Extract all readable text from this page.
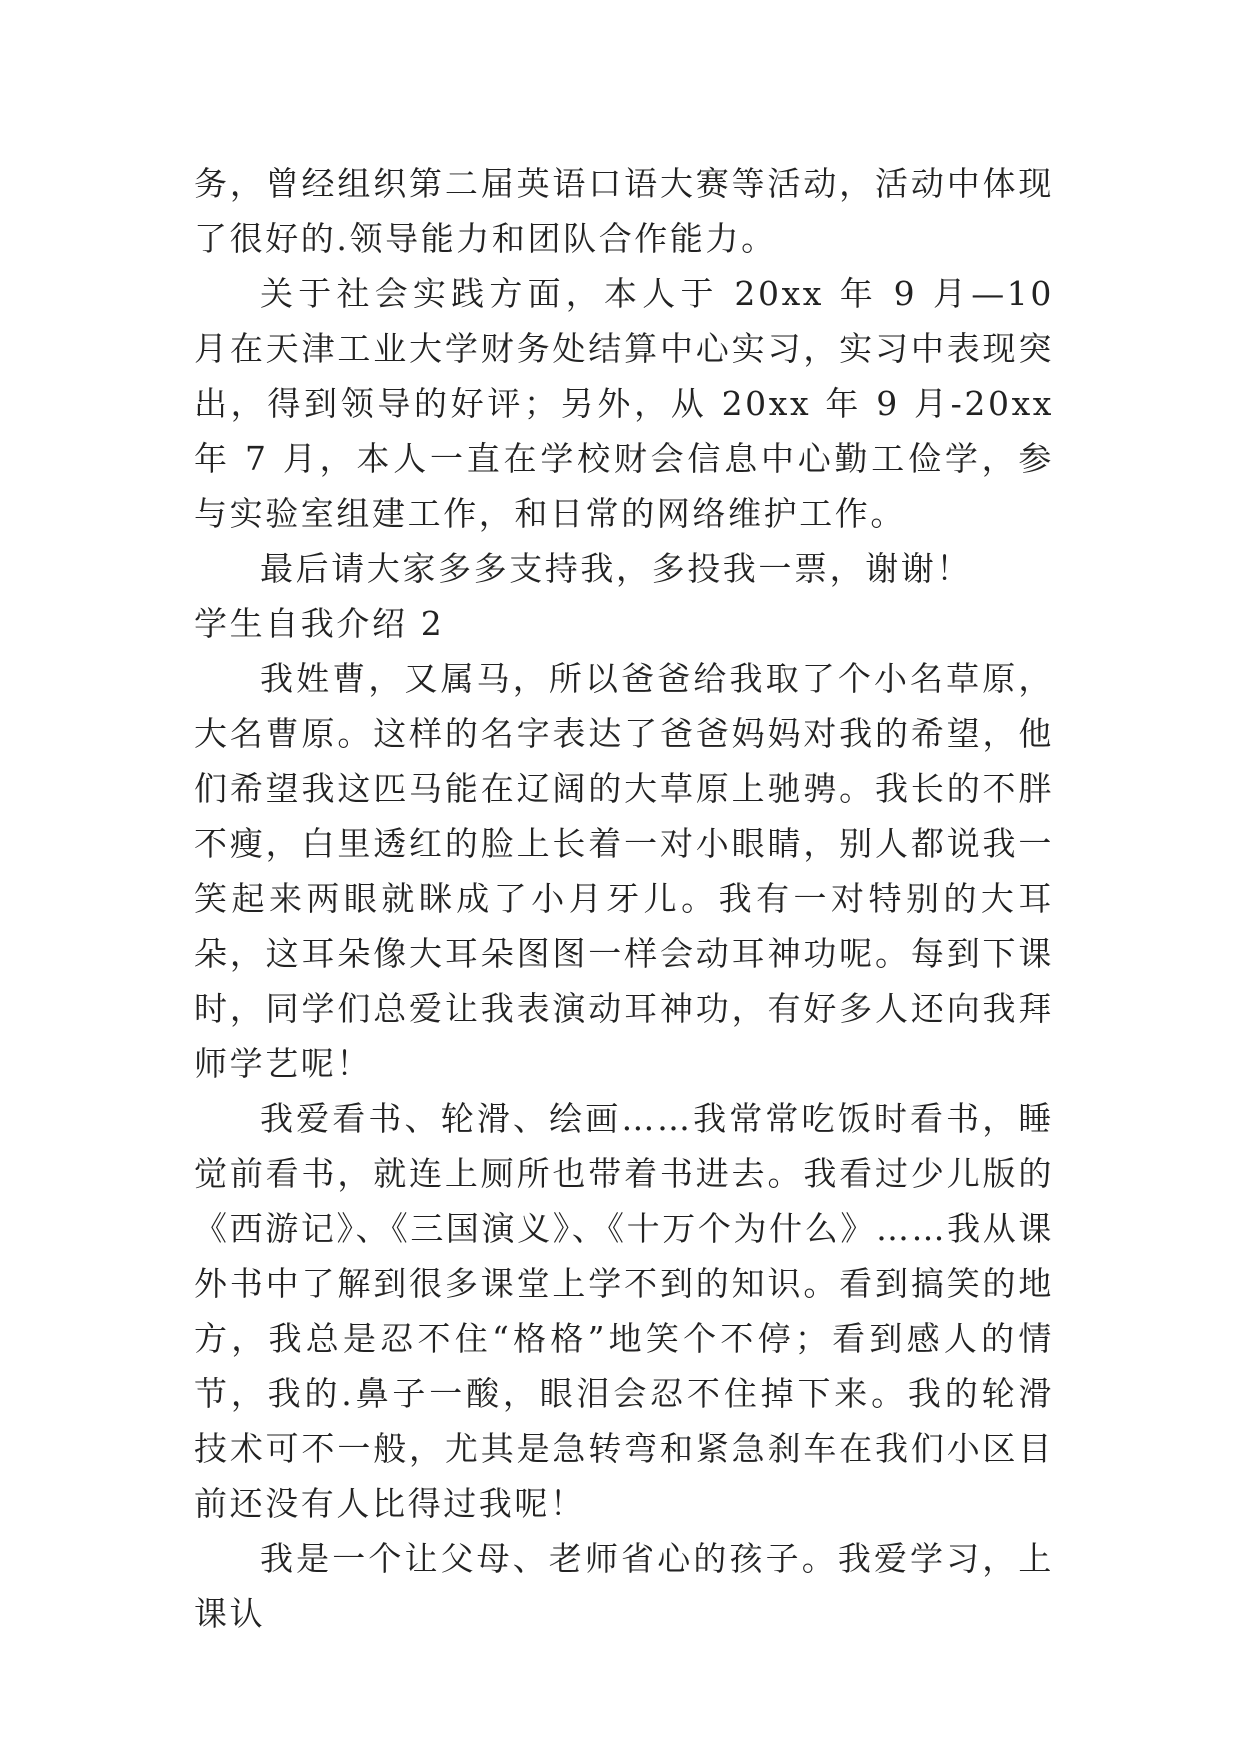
务，曾经组织第二届英语口语大赛等活动，活动中体现了很好的.领导能力和团队合作能力。

关于社会实践方面，本人于 20xx 年 9 月—10 月在天津工业大学财务处结算中心实习，实习中表现突出，得到领导的好评；另外，从 20xx 年 9 月-20xx 年 7 月，本人一直在学校财会信息中心勤工俭学，参与实验室组建工作，和日常的网络维护工作。

最后请大家多多支持我，多投我一票，谢谢！

学生自我介绍 2

我姓曹，又属马，所以爸爸给我取了个小名草原，大名曹原。这样的名字表达了爸爸妈妈对我的希望，他们希望我这匹马能在辽阔的大草原上驰骋。我长的不胖不瘦，白里透红的脸上长着一对小眼睛，别人都说我一笑起来两眼就眯成了小月牙儿。我有一对特别的大耳朵，这耳朵像大耳朵图图一样会动耳神功呢。每到下课时，同学们总爱让我表演动耳神功，有好多人还向我拜师学艺呢！

我爱看书、轮滑、绘画……我常常吃饭时看书，睡觉前看书，就连上厕所也带着书进去。我看过少儿版的《西游记》、《三国演义》、《十万个为什么》……我从课外书中了解到很多课堂上学不到的知识。看到搞笑的地方，我总是忍不住“格格”地笑个不停；看到感人的情节，我的.鼻子一酸，眼泪会忍不住掉下来。我的轮滑技术可不一般，尤其是急转弯和紧急刹车在我们小区目前还没有人比得过我呢！

我是一个让父母、老师省心的孩子。我爱学习，上课认
